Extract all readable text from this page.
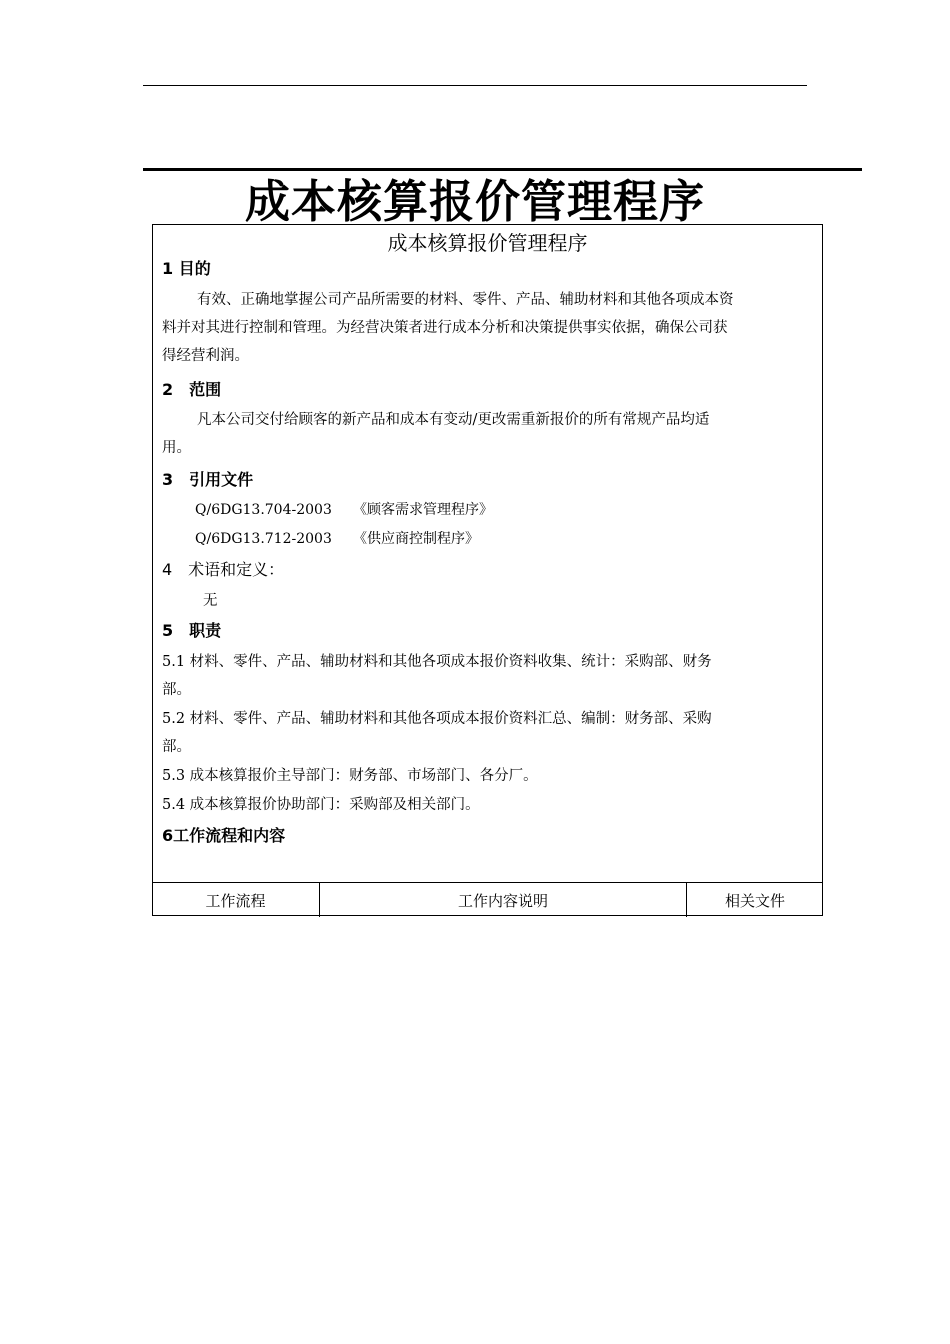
成本核算报价管理程序
成本核算报价管理程序
1 目的
有效、正确地掌握公司产品所需要的材料、零件、产品、辅助材料和其他各项成本资
料并对其进行控制和管理。为经营决策者进行成本分析和决策提供事实依据，确保公司获
得经营利润。
2　范围
凡本公司交付给顾客的新产品和成本有变动/更改需重新报价的所有常规产品均适
用。
3　引用文件
Q/6DG13.704-2003 《顾客需求管理程序》
Q/6DG13.712-2003 《供应商控制程序》
4　术语和定义：
无
5　职责
5.1 材料、零件、产品、辅助材料和其他各项成本报价资料收集、统计：采购部、财务
部。
5.2 材料、零件、产品、辅助材料和其他各项成本报价资料汇总、编制：财务部、采购
部。
5.3 成本核算报价主导部门：财务部、市场部门、各分厂。
5.4 成本核算报价协助部门：采购部及相关部门。
6工作流程和内容
工作流程	工作内容说明	相关文件
